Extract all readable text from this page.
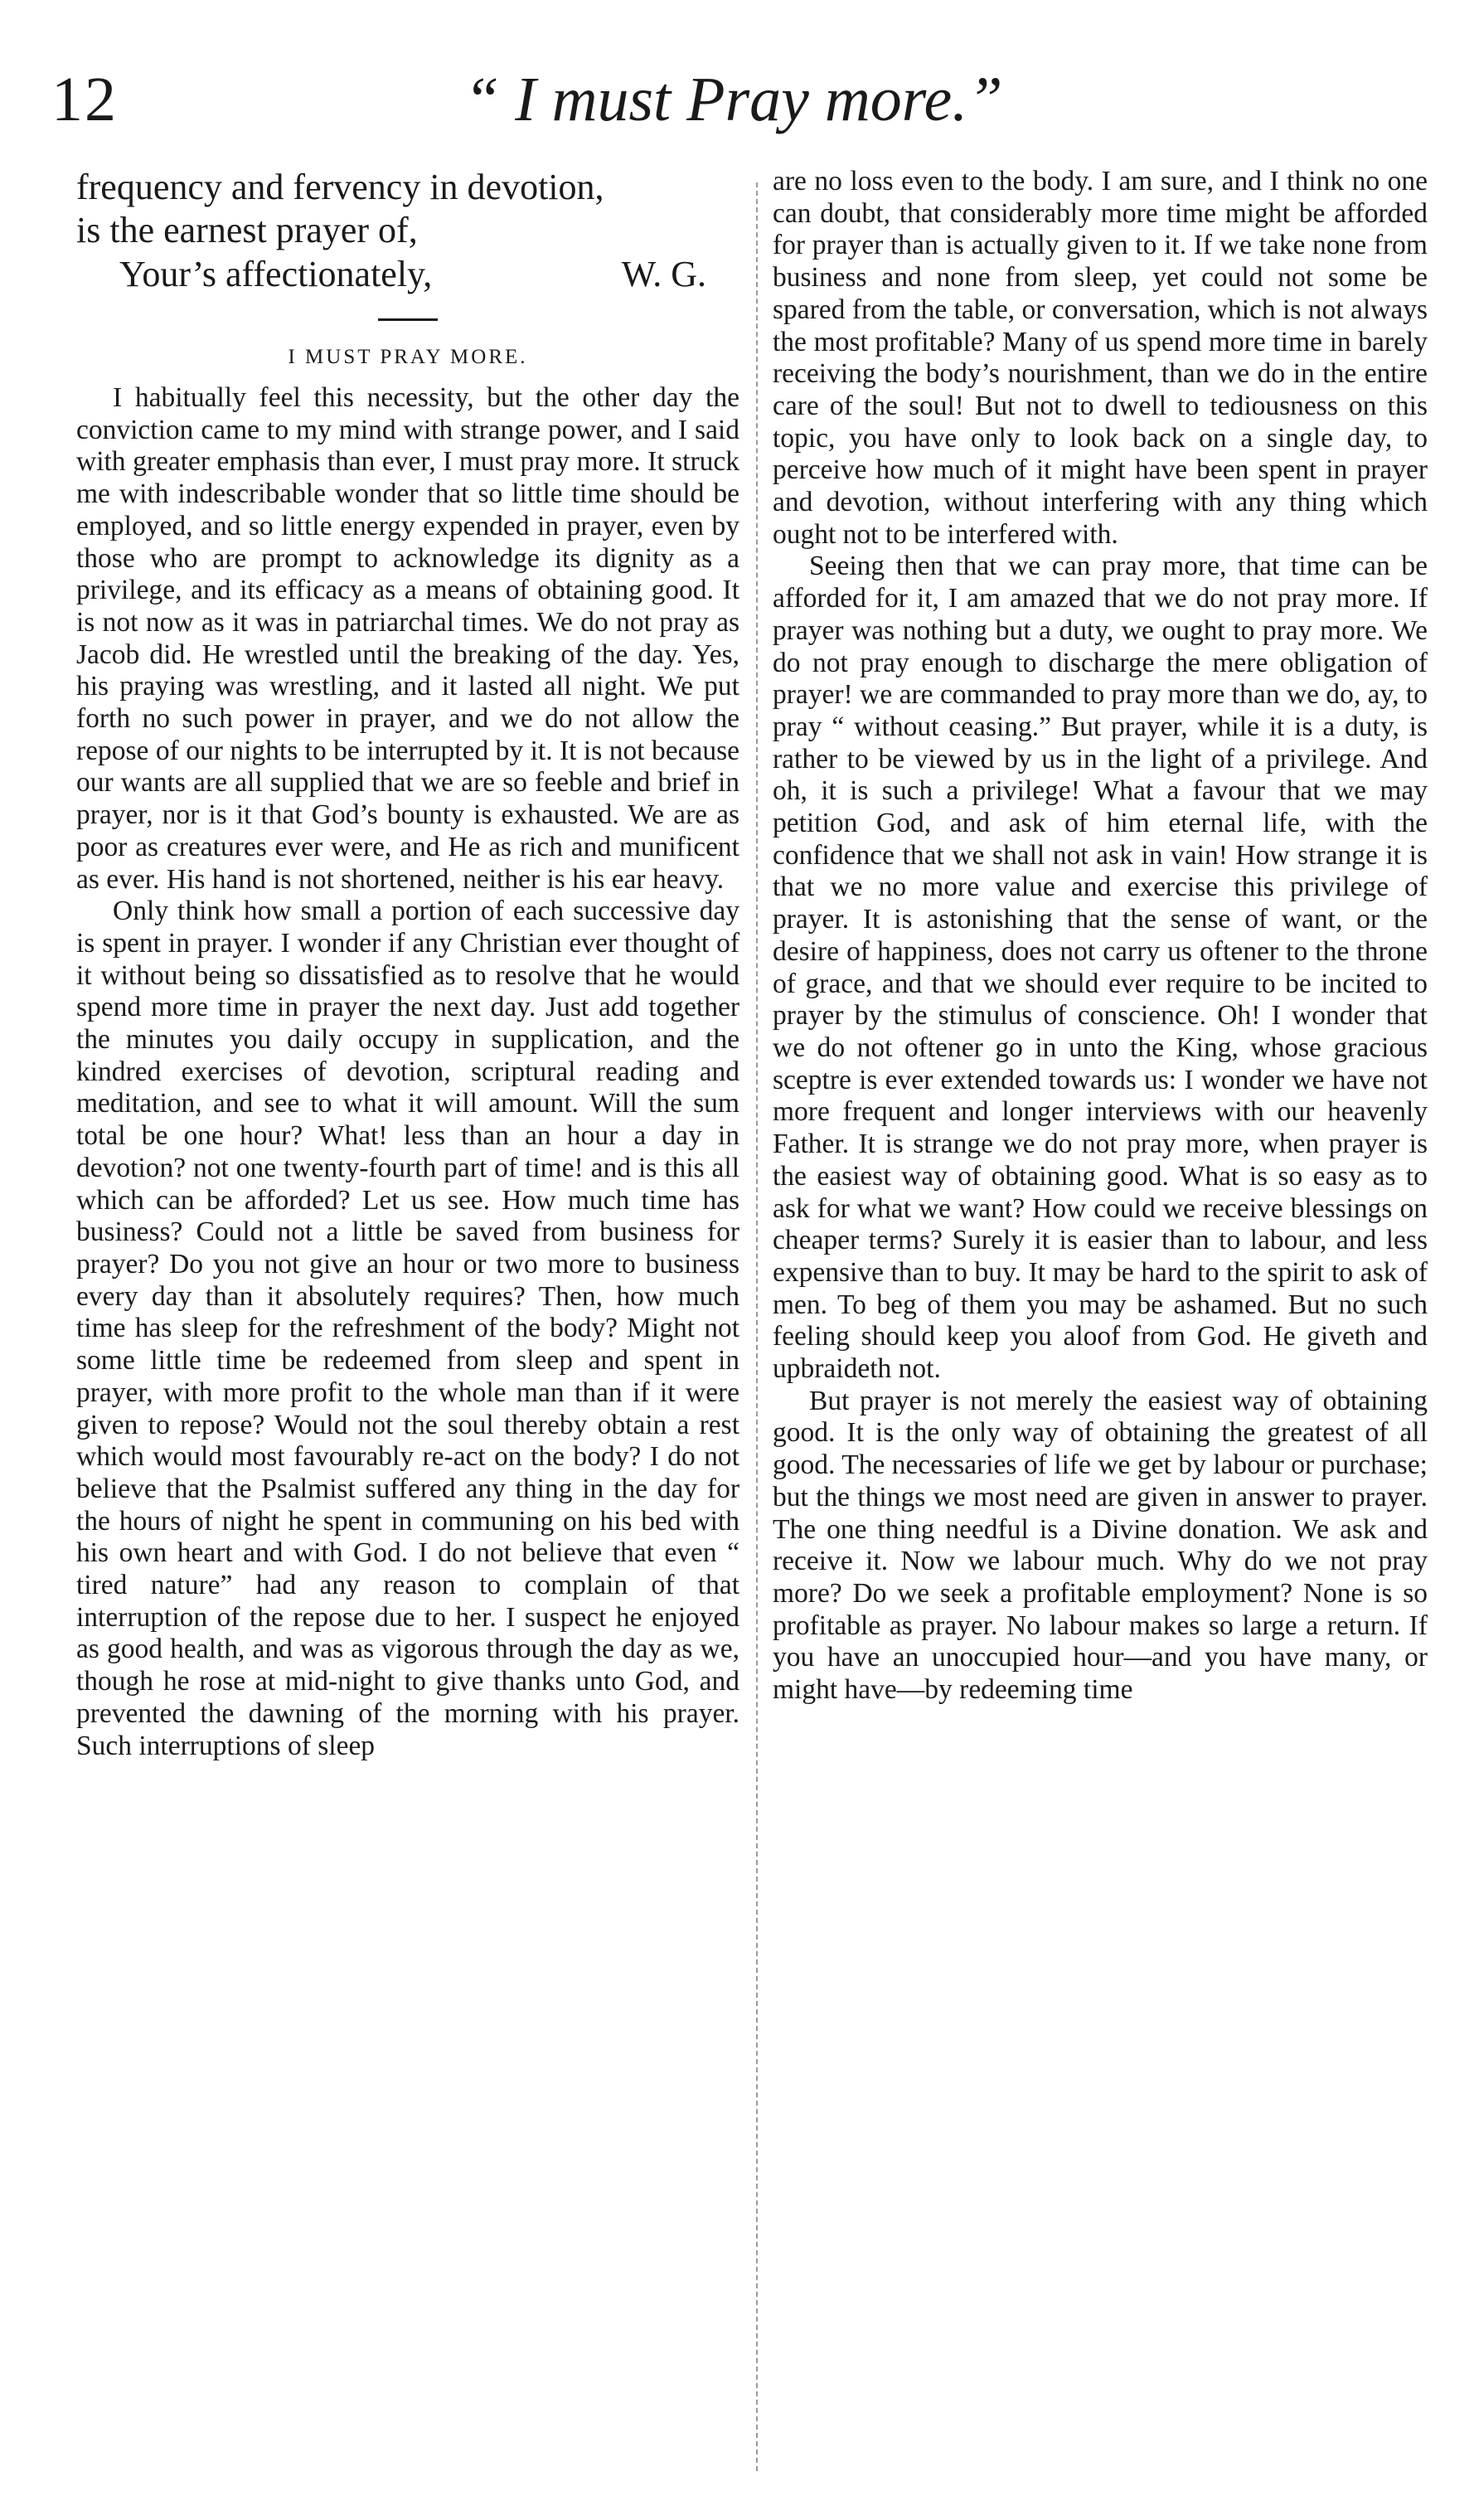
12	“ I must Pray more.”
frequency and fervency in devotion,
is the earnest prayer of,
Your’s affectionately,	W. G.
I MUST PRAY MORE.

I habitually feel this necessity, but the other day the conviction came to my mind with strange power, and I said with greater emphasis than ever, I must pray more. It struck me with indescribable wonder that so little time should be employed, and so little energy expended in prayer, even by those who are prompt to acknowledge its dignity as a privilege, and its efficacy as a means of obtaining good. It is not now as it was in patriarchal times. We do not pray as Jacob did. He wrestled until the breaking of the day. Yes, his praying was wrestling, and it lasted all night. We put forth no such power in prayer, and we do not allow the repose of our nights to be interrupted by it. It is not because our wants are all supplied that we are so feeble and brief in prayer, nor is it that God’s bounty is exhausted. We are as poor as creatures ever were, and He as rich and munificent as ever. His hand is not shortened, neither is his ear heavy.

Only think how small a portion of each successive day is spent in prayer. I wonder if any Christian ever thought of it without being so dissatisfied as to resolve that he would spend more time in prayer the next day. Just add together the minutes you daily occupy in supplication, and the kindred exercises of devotion, scriptural reading and meditation, and see to what it will amount. Will the sum total be one hour? What! less than an hour a day in devotion? not one twenty-fourth part of time! and is this all which can be afforded? Let us see. How much time has business? Could not a little be saved from business for prayer? Do you not give an hour or two more to business every day than it absolutely requires? Then, how much time has sleep for the refreshment of the body? Might not some little time be redeemed from sleep and spent in prayer, with more profit to the whole man than if it were given to repose? Would not the soul thereby obtain a rest which would most favourably re-act on the body? I do not believe that the Psalmist suffered any thing in the day for the hours of night he spent in communing on his bed with his own heart and with God. I do not believe that even “ tired nature” had any reason to complain of that interruption of the repose due to her. I suspect he enjoyed as good health, and was as vigorous through the day as we, though he rose at mid-night to give thanks unto God, and prevented the dawning of the morning with his prayer. Such interruptions of sleep

are no loss even to the body. I am sure, and I think no one can doubt, that considerably more time might be afforded for prayer than is actually given to it. If we take none from business and none from sleep, yet could not some be spared from the table, or conversation, which is not always the most profitable? Many of us spend more time in barely receiving the body’s nourishment, than we do in the entire care of the soul! But not to dwell to tediousness on this topic, you have only to look back on a single day, to perceive how much of it might have been spent in prayer and devotion, without interfering with any thing which ought not to be interfered with.

Seeing then that we can pray more, that time can be afforded for it, I am amazed that we do not pray more. If prayer was nothing but a duty, we ought to pray more. We do not pray enough to discharge the mere obligation of prayer! we are commanded to pray more than we do, ay, to pray “ without ceasing.” But prayer, while it is a duty, is rather to be viewed by us in the light of a privilege. And oh, it is such a privilege! What a favour that we may petition God, and ask of him eternal life, with the confidence that we shall not ask in vain! How strange it is that we no more value and exercise this privilege of prayer. It is astonishing that the sense of want, or the desire of happiness, does not carry us oftener to the throne of grace, and that we should ever require to be incited to prayer by the stimulus of conscience. Oh! I wonder that we do not oftener go in unto the King, whose gracious sceptre is ever extended towards us: I wonder we have not more frequent and longer interviews with our heavenly Father. It is strange we do not pray more, when prayer is the easiest way of obtaining good. What is so easy as to ask for what we want? How could we receive blessings on cheaper terms? Surely it is easier than to labour, and less expensive than to buy. It may be hard to the spirit to ask of men. To beg of them you may be ashamed. But no such feeling should keep you aloof from God. He giveth and upbraideth not.

But prayer is not merely the easiest way of obtaining good. It is the only way of obtaining the greatest of all good. The necessaries of life we get by labour or purchase; but the things we most need are given in answer to prayer. The one thing needful is a Divine donation. We ask and receive it. Now we labour much. Why do we not pray more? Do we seek a profitable employment? None is so profitable as prayer. No labour makes so large a return. If you have an unoccupied hour—and you have many, or might have—by redeeming time
